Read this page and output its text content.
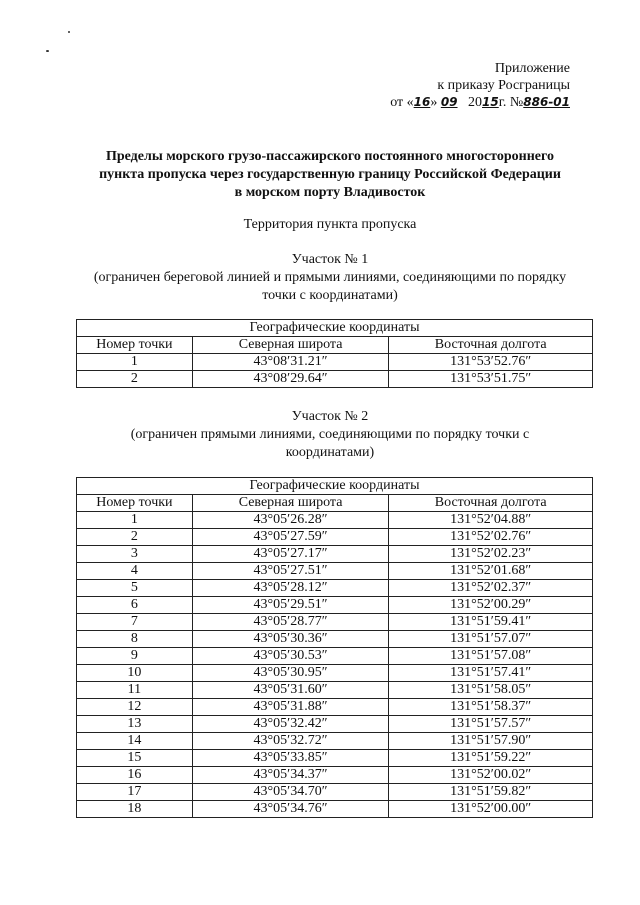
Приложение
к приказу Росграницы
от «16» 09 2015г. №886-01
Пределы морского грузо-пассажирского постоянного многостороннего
пункта пропуска через государственную границу Российской Федерации
в морском порту Владивосток
Территория пункта пропуска
Участок № 1
(ограничен береговой линией и прямыми линиями, соединяющими по порядку
точки с координатами)
Географические координаты		
Номер точки	Северная широта	Восточная долгота
1	43°08′31.21″	131°53′52.76″
2	43°08′29.64″	131°53′51.75″
Участок № 2
(ограничен прямыми линиями, соединяющими по порядку точки с
координатами)
Географические координаты		
Номер точки	Северная широта	Восточная долгота
1	43°05′26.28″	131°52′04.88″
2	43°05′27.59″	131°52′02.76″
3	43°05′27.17″	131°52′02.23″
4	43°05′27.51″	131°52′01.68″
5	43°05′28.12″	131°52′02.37″
6	43°05′29.51″	131°52′00.29″
7	43°05′28.77″	131°51′59.41″
8	43°05′30.36″	131°51′57.07″
9	43°05′30.53″	131°51′57.08″
10	43°05′30.95″	131°51′57.41″
11	43°05′31.60″	131°51′58.05″
12	43°05′31.88″	131°51′58.37″
13	43°05′32.42″	131°51′57.57″
14	43°05′32.72″	131°51′57.90″
15	43°05′33.85″	131°51′59.22″
16	43°05′34.37″	131°52′00.02″
17	43°05′34.70″	131°51′59.82″
18	43°05′34.76″	131°52′00.00″
